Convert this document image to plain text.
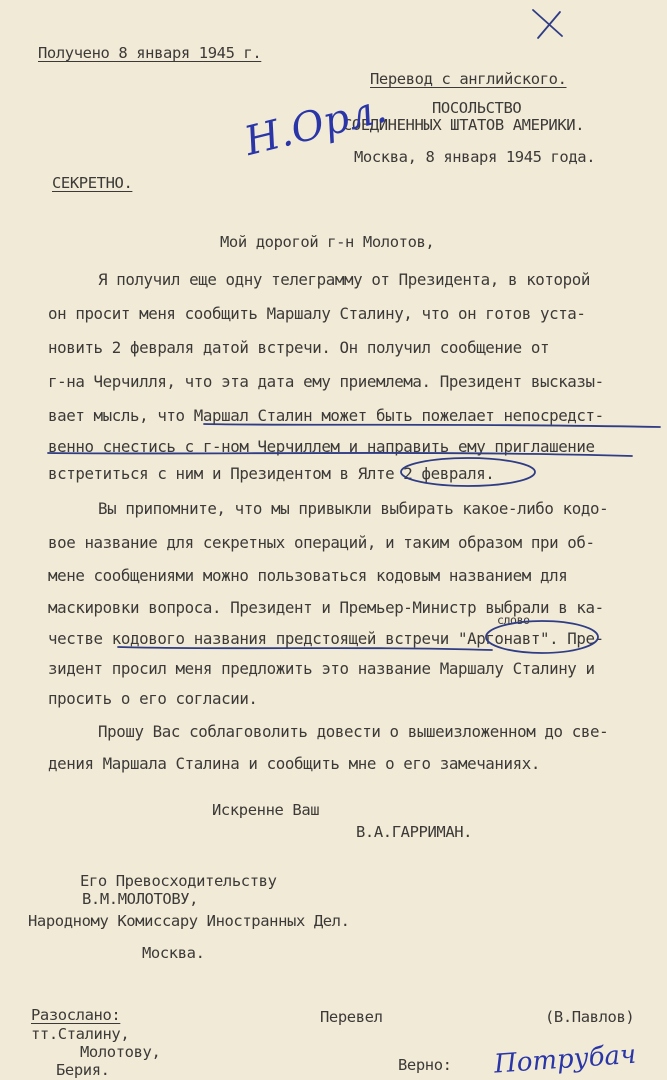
Получено 8 января 1945 г.
Перевод с английского.
ПОСОЛЬСТВО
СОЕДИНЕННЫХ ШТАТОВ АМЕРИКИ.
Москва, 8 января 1945 года.
СЕКРЕТНО.
Мой дорогой г-н Молотов,
Я получил еще одну телеграмму от Президента, в которой
он просит меня сообщить Маршалу Сталину, что он готов уста-
новить 2 февраля датой встречи. Он получил сообщение от
г-на Черчилля, что эта дата ему приемлема. Президент высказы-
вает мысль, что Маршал Сталин может быть пожелает непосредст-
венно снестись с г-ном Черчиллем и направить ему приглашение
встретиться с ним и Президентом в Ялте 2 февраля.
Вы припомните, что мы привыкли выбирать какое-либо кодо-
вое название для секретных операций, и таким образом при об-
мене сообщениями можно пользоваться кодовым названием для
маскировки вопроса. Президент и Премьер-Министр выбрали в ка-
честве кодового названия предстоящей встречи "Аргонавт". Пре-
зидент просил меня предложить это название Маршалу Сталину и
просить о его согласии.
Прошу Вас соблаговолить довести о вышеизложенном до све-
дения Маршала Сталина и сообщить мне о его замечаниях.
Искренне Ваш
В.А.ГАРРИМАН.
Его Превосходительству
В.М.МОЛОТОВУ,
Народному Комиссару Иностранных Дел.
Москва.
Разослано:
тт.Сталину,
Молотову,
Берия.
Перевел	(В.Павлов)
Верно:
слово
Н.Орл.
Потрубач
